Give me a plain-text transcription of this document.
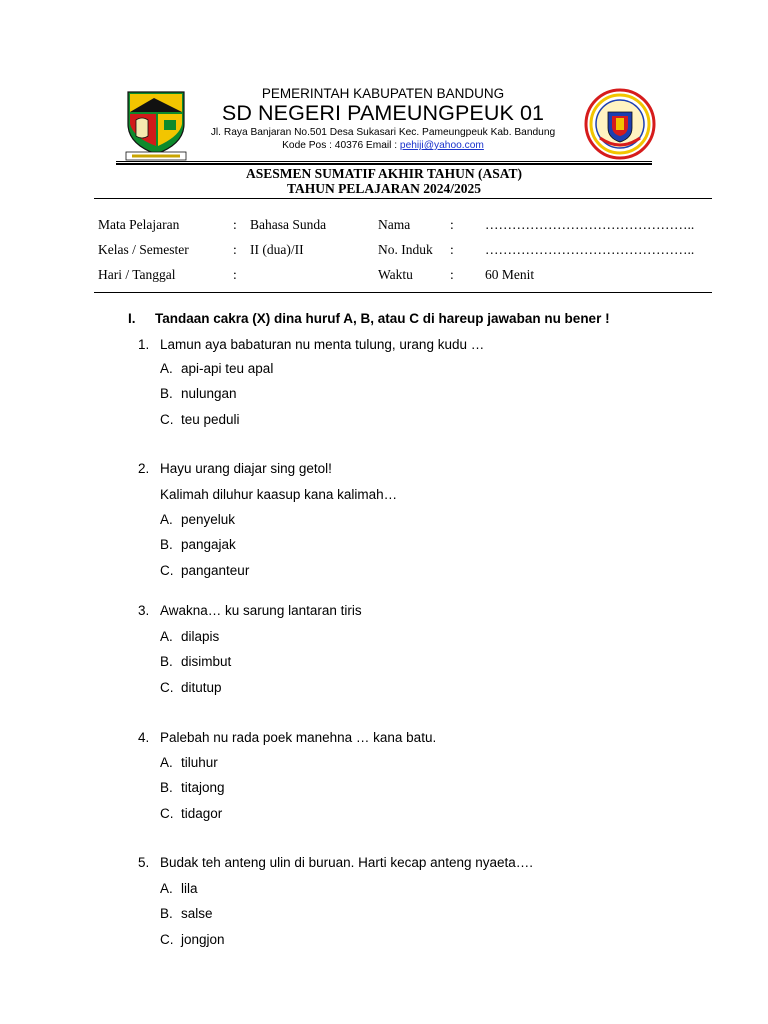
PEMERINTAH KABUPATEN BANDUNG
SD NEGERI PAMEUNGPEUK 01
Jl. Raya Banjaran No.501 Desa Sukasari Kec. Pameungpeuk Kab. Bandung
Kode Pos : 40376 Email : pehiji@yahoo.com
ASESMEN SUMATIF AKHIR TAHUN (ASAT)
TAHUN PELAJARAN 2024/2025
Mata Pelajaran	: Bahasa Sunda	Nama	: ………………………………………..
Kelas / Semester	: II (dua)/II	No. Induk : ………………………………………..
Hari / Tanggal	:	Waktu	: 60 Menit
I. Tandaan cakra (X) dina huruf A, B, atau C di hareup jawaban nu bener !
1. Lamun aya babaturan nu menta tulung, urang kudu …
A. api-api teu apal
B. nulungan
C. teu peduli
2. Hayu urang diajar sing getol!
Kalimah diluhur kaasup kana kalimah…
A. penyeluk
B. pangajak
C. panganteur
3. Awakna… ku sarung lantaran tiris
A. dilapis
B. disimbut
C. ditutup
4. Palebah nu rada poek manehna … kana batu.
A. tiluhur
B. titajong
C. tidagor
5. Budak teh anteng ulin di buruan. Harti kecap anteng nyaeta….
A. lila
B. salse
C. jongjon
